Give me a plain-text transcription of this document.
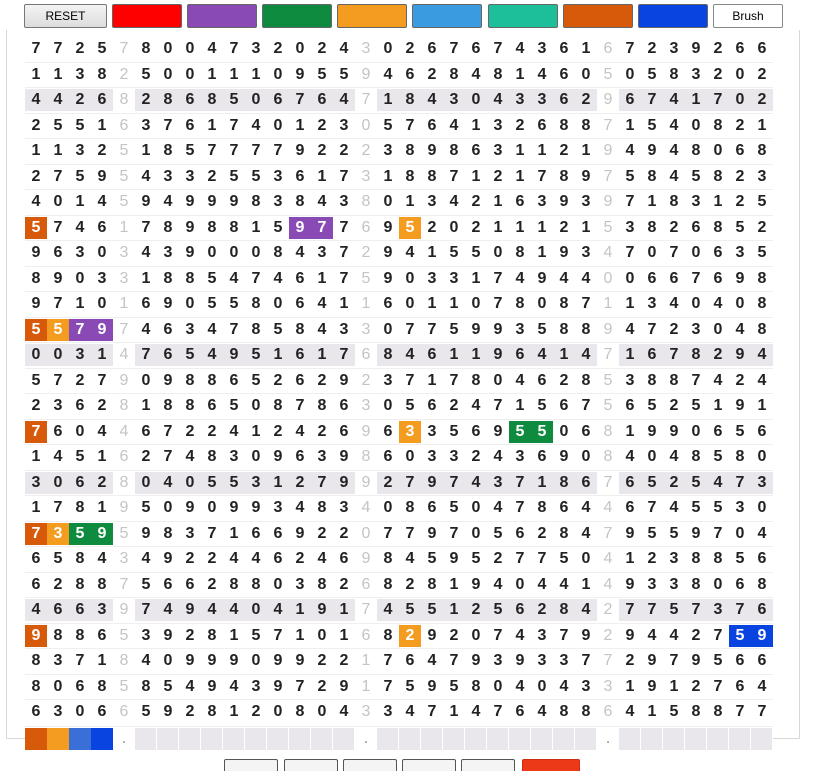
RESET	Brush
7 7 2 5 7 8 0 0 4 7 3 2 0 2 4 3 0 2 6 7 6 7 4 3 6 1 6 7 2 3 9 2 6 6
1 1 3 8 2 5 0 0 1 1 1 0 9 5 5 9 4 6 2 8 4 8 1 4 6 0 5 0 5 8 3 2 0 2
4 4 2 6 8 2 8 6 8 5 0 6 7 6 4 7 1 8 4 3 0 4 3 3 6 2 9 6 7 4 1 7 0 2
2 5 5 1 6 3 7 6 1 7 4 0 1 2 3 0 5 7 6 4 1 3 2 6 8 8 7 1 5 4 0 8 2 1
1 1 3 2 5 1 8 5 7 7 7 7 9 2 2 2 3 8 9 8 6 3 1 1 2 1 9 4 9 4 8 0 6 8
2 7 5 9 5 4 3 3 2 5 5 3 6 1 7 3 1 8 8 7 1 2 1 7 8 9 7 5 8 4 5 8 2 3
4 0 1 4 5 9 4 9 9 9 8 3 8 4 3 8 0 1 3 4 2 1 6 3 9 3 9 7 1 8 3 1 2 5
5 7 4 6 1 7 8 9 8 8 1 5 9 7 7 6 9 5 2 0 2 1 1 1 2 1 5 3 8 2 6 8 5 2
9 6 3 0 3 4 3 9 0 0 0 8 4 3 7 2 9 4 1 5 5 0 8 1 9 3 4 7 0 7 0 6 3 5
8 9 0 3 3 1 8 8 5 4 7 4 6 1 7 5 9 0 3 3 1 7 4 9 4 4 0 0 6 6 7 6 9 8
9 7 1 0 1 6 9 0 5 5 8 0 6 4 1 1 6 0 1 1 0 7 8 0 8 7 1 1 3 4 0 4 0 8
5 5 7 9 7 4 6 3 4 7 8 5 8 4 3 3 0 7 7 5 9 9 3 5 8 8 9 4 7 2 3 0 4 8
0 0 3 1 4 7 6 5 4 9 5 1 6 1 7 6 8 4 6 1 1 9 6 4 1 4 7 1 6 7 8 2 9 4
5 7 2 7 9 0 9 8 8 6 5 2 6 2 9 2 3 7 1 7 8 0 4 6 2 8 5 3 8 8 7 4 2 4
2 3 6 2 8 1 8 8 6 5 0 8 7 8 6 3 0 5 6 2 4 7 1 5 6 7 5 6 5 2 5 1 9 1
7 6 0 4 4 6 7 2 2 4 1 2 4 2 6 9 6 3 3 5 6 9 5 5 0 6 8 1 9 9 0 6 5 6
1 4 5 1 6 2 7 4 8 3 0 9 6 3 9 8 6 0 3 3 2 4 3 6 9 0 8 4 0 4 8 5 8 0
3 0 6 2 8 0 4 0 5 5 3 1 2 7 9 9 2 7 9 7 4 3 7 1 8 6 7 6 5 2 5 4 7 3
1 7 8 1 9 5 0 9 0 9 9 3 4 8 3 4 0 8 6 5 0 4 7 8 6 4 4 6 7 4 5 5 3 0
7 3 5 9 5 9 8 3 7 1 6 6 9 2 2 0 7 7 9 7 0 5 6 2 8 4 7 9 5 5 9 7 0 4
6 5 8 4 3 4 9 2 2 4 4 6 2 4 6 9 8 4 5 9 5 2 7 7 5 0 4 1 2 3 8 8 5 6
6 2 8 8 7 5 6 6 2 8 8 0 3 8 2 6 8 2 8 1 9 4 0 4 4 1 4 9 3 3 8 0 6 8
4 6 6 3 9 7 4 9 4 4 0 4 1 9 1 7 4 5 5 1 2 5 6 2 8 4 2 7 7 5 7 3 7 6
9 8 8 6 5 3 9 2 8 1 5 7 1 0 1 6 8 2 9 2 0 7 4 3 7 9 2 9 4 4 2 7 5 9
8 3 7 1 8 4 0 9 9 9 0 9 9 2 2 1 7 6 4 7 9 3 9 3 3 7 7 2 9 7 9 5 6 6
8 0 6 8 5 8 5 4 9 4 3 9 7 2 9 1 7 5 9 5 8 0 4 0 4 3 3 1 9 1 2 7 6 4
6 3 0 6 6 5 9 2 8 1 2 0 8 0 4 3 3 4 7 1 4 7 6 4 8 8 6 4 1 5 8 8 7 7
.	.	.
